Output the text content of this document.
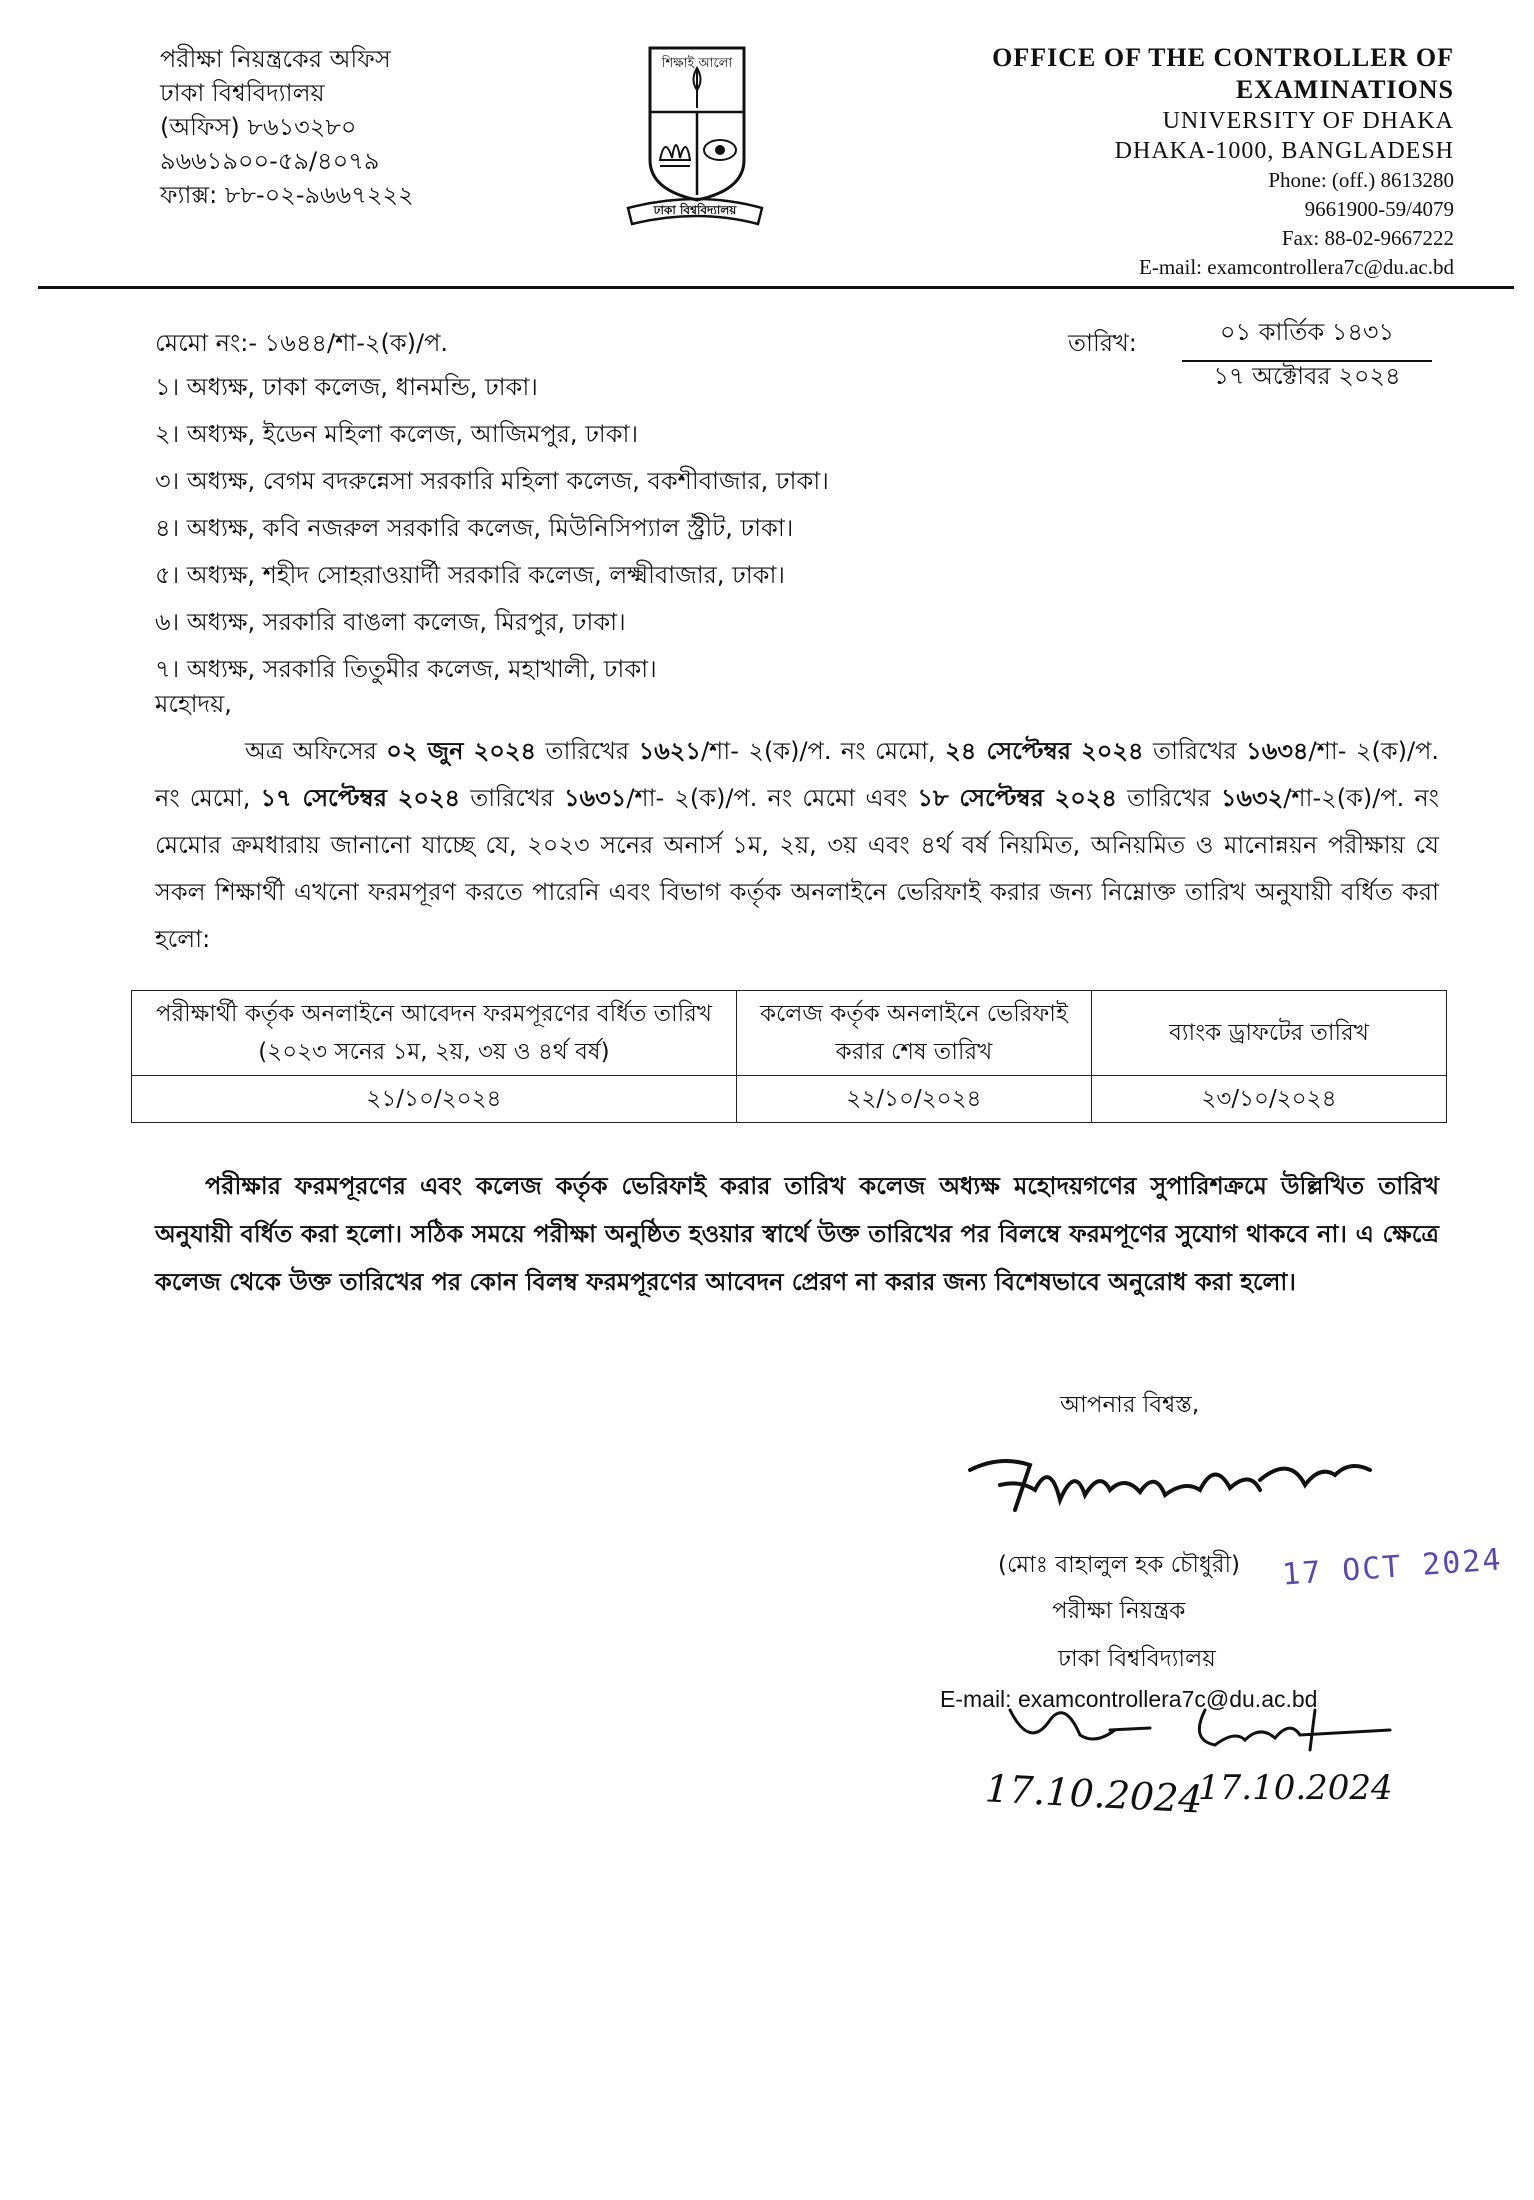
পরীক্ষা নিয়ন্ত্রকের অফিস
ঢাকা বিশ্ববিদ্যালয়
(অফিস) ৮৬১৩২৮০
৯৬৬১৯০০-৫৯/৪০৭৯
ফ্যাক্স: ৮৮-০২-৯৬৬৭২২২
শিক্ষাই আলো
ঢাকা বিশ্ববিদ্যালয়
OFFICE OF THE CONTROLLER OF
EXAMINATIONS
UNIVERSITY OF DHAKA
DHAKA-1000, BANGLADESH
Phone: (off.) 8613280
9661900-59/4079
Fax: 88-02-9667222
E-mail: examcontrollera7c@du.ac.bd
মেমো নং:- ১৬৪৪/শা-২(ক)/প.	তারিখ:	০১ কার্তিক ১৪৩১
১৭ অক্টোবর ২০২৪
১। অধ্যক্ষ, ঢাকা কলেজ, ধানমন্ডি, ঢাকা।
২। অধ্যক্ষ, ইডেন মহিলা কলেজ, আজিমপুর, ঢাকা।
৩। অধ্যক্ষ, বেগম বদরুন্নেসা সরকারি মহিলা কলেজ, বকশীবাজার, ঢাকা।
৪। অধ্যক্ষ, কবি নজরুল সরকারি কলেজ, মিউনিসিপ্যাল স্ট্রীট, ঢাকা।
৫। অধ্যক্ষ, শহীদ সোহরাওয়ার্দী সরকারি কলেজ, লক্ষ্মীবাজার, ঢাকা।
৬। অধ্যক্ষ, সরকারি বাঙলা কলেজ, মিরপুর, ঢাকা।
৭। অধ্যক্ষ, সরকারি তিতুমীর কলেজ, মহাখালী, ঢাকা।
মহোদয়,
অত্র অফিসের ০২ জুন ২০২৪ তারিখের ১৬২১/শা- ২(ক)/প. নং মেমো, ২৪ সেপ্টেম্বর ২০২৪ তারিখের ১৬৩৪/শা- ২(ক)/প. নং মেমো, ১৭ সেপ্টেম্বর ২০২৪ তারিখের ১৬৩১/শা- ২(ক)/প. নং মেমো এবং ১৮ সেপ্টেম্বর ২০২৪ তারিখের ১৬৩২/শা-২(ক)/প. নং মেমোর ক্রমধারায় জানানো যাচ্ছে যে, ২০২৩ সনের অনার্স ১ম, ২য়, ৩য় এবং ৪র্থ বর্ষ নিয়মিত, অনিয়মিত ও মানোন্নয়ন পরীক্ষায় যে সকল শিক্ষার্থী এখনো ফরমপূরণ করতে পারেনি এবং বিভাগ কর্তৃক অনলাইনে ভেরিফাই করার জন্য নিম্নোক্ত তারিখ অনুযায়ী বর্ধিত করা হলো:
পরীক্ষার্থী কর্তৃক অনলাইনে আবেদন ফরমপূরণের বর্ধিত তারিখ (২০২৩ সনের ১ম, ২য়, ৩য় ও ৪র্থ বর্ষ)	কলেজ কর্তৃক অনলাইনে ভেরিফাই করার শেষ তারিখ	ব্যাংক ড্রাফটের তারিখ
২১/১০/২০২৪	২২/১০/২০২৪	২৩/১০/২০২৪
পরীক্ষার ফরমপূরণের এবং কলেজ কর্তৃক ভেরিফাই করার তারিখ কলেজ অধ্যক্ষ মহোদয়গণের সুপারিশক্রমে উল্লিখিত তারিখ অনুযায়ী বর্ধিত করা হলো। সঠিক সময়ে পরীক্ষা অনুষ্ঠিত হওয়ার স্বার্থে উক্ত তারিখের পর বিলম্বে ফরমপূণের সুযোগ থাকবে না। এ ক্ষেত্রে কলেজ থেকে উক্ত তারিখের পর কোন বিলম্ব ফরমপূরণের আবেদন প্রেরণ না করার জন্য বিশেষভাবে অনুরোধ করা হলো।
আপনার বিশ্বস্ত,
(মোঃ বাহালুল হক চৌধুরী)
পরীক্ষা নিয়ন্ত্রক
ঢাকা বিশ্ববিদ্যালয়
E-mail: examcontrollera7c@du.ac.bd
17 OCT 2024
17.10.2024
17.10.2024
